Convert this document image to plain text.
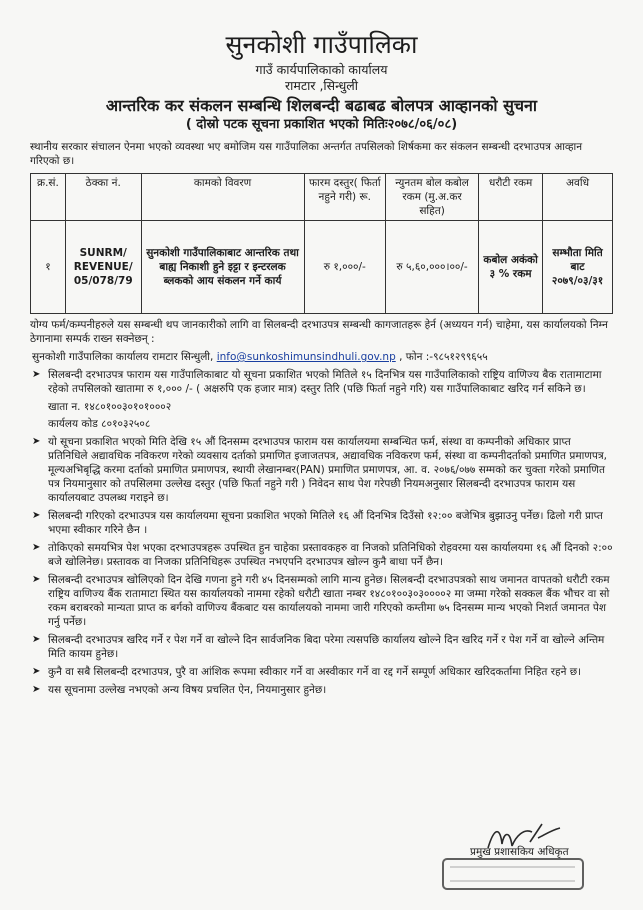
सुनकोशी गाउँपालिका
गाउँ कार्यपालिकाको कार्यालय
रामटार ,सिन्धुली
आन्तरिक कर संकलन सम्बन्धि शिलबन्दी बढाबढ बोलपत्र आव्हानको सुचना
( दोस्रो पटक सूचना प्रकाशित भएको मितिः२०७८/०६/०८)
स्थानीय सरकार संचालन ऐनमा भएको व्यवस्था भए बमोजिम यस गाउँपालिका अन्तर्गत तपसिलको शिर्षकमा कर संकलन सम्बन्धी दरभाउपत्र आव्हान गरिएको छ।
क्र.सं.	ठेक्का नं.	कामको विवरण	फारम दस्तुर( फिर्ता नहुने गरी) रू.	न्युनतम बोल कबोल रकम (मु.अ.कर सहित)	धरौटी रकम	अवधि
१	SUNRM/ REVENUE/ 05/078/79	सुनकोशी गाउँपालिकाबाट आन्तरिक तथा बाह्य निकाशी हुने इट्टा र इन्टरलक ब्लकको आय संकलन गर्ने कार्य	रु १,०००/-	रु ५,६०,०००।००/-	कबोल अकंको ३ % रकम	सम्भौता मिति बाट २०७९/०३/३१
योग्य फर्म/कम्पनीहरुले यस सम्बन्धी थप जानकारीको लागि वा सिलबन्दी दरभाउपत्र सम्बन्धी कागजातहरू हेर्न (अध्ययन गर्न) चाहेमा, यस कार्यालयको निम्न ठेगानामा सम्पर्क राख्न सक्नेछन् :
सुनकोशी गाउँपालिका कार्यालय रामटार सिन्धुली, info@sunkoshimunsindhuli.gov.np , फोन :-९८५१२९९६५५
➤ सिलबन्दी दरभाउपत्र फाराम यस गाउँपालिकाबाट यो सूचना प्रकाशित भएको मितिले १५ दिनभित्र यस गाउँपालिकाको राष्ट्रिय वाणिज्य बैक रातामाटामा रहेको तपसिलको खातामा रु १,००० /- ( अक्षरुपि एक हजार मात्र) दस्तुर तिरि (पछि फिर्ता नहुने गरि) यस गाउँपालिकाबाट खरिद गर्न सकिने छ।
खाता न. १४८०१००३०१०१०००२
कार्यलय कोड ८०१०३२५०८
➤ यो सूचना प्रकाशित भएको मिति देखि १५ औं दिनसम्म दरभाउपत्र फाराम यस कार्यालयमा सम्बन्धित फर्म, संस्था वा कम्पनीको अधिकार प्राप्त प्रतिनिधिले अद्यावधिक नविकरण गरेको व्यवसाय दर्ताको प्रमाणित इजाजतपत्र, अद्यावधिक नविकरण फर्म, संस्था वा कम्पनीदर्ताको प्रमाणित प्रमाणपत्र, मूल्यअभिबृद्धि करमा दर्ताको प्रमाणित प्रमाणपत्र, स्थायी लेखानम्बर(PAN) प्रमाणित प्रमाणपत्र, आ. व. २०७६/०७७ सम्मको कर चुक्ता गरेको प्रमाणित पत्र नियमानुसार को तपसिलमा उल्लेख दस्तुर (पछि फिर्ता नहुने गरी ) निवेदन साथ पेश गरेपछी नियमअनुसार सिलबन्दी दरभाउपत्र फाराम यस कार्यालयबाट उपलब्ध गराइने छ।
➤ सिलबन्दी गरिएको दरभाउपत्र यस कार्यालयमा सूचना प्रकाशित भएको मितिले १६ औं दिनभित्र दिउँसो १२:०० बजेभित्र बुझाउनु पर्नेछ। ढिलो गरी प्राप्त भएमा स्वीकार गरिने छैन ।
➤ तोकिएको समयभित्र पेश भएका दरभाउपत्रहरू उपस्थित हुन चाहेका प्रस्तावकहरु वा निजको प्रतिनिधिको रोहवरमा यस कार्यालयमा १६ औं दिनको २:०० बजे खोलिनेछ। प्रस्तावक वा निजका प्रतिनिधिहरू उपस्थित नभएपनि दरभाउपत्र खोल्न कुनै बाधा पर्ने छैन।
➤ सिलबन्दी दरभाउपत्र खोलिएको दिन देखि गणना हुने गरी ४५ दिनसम्मको लागि मान्य हुनेछ। सिलबन्दी दरभाउपत्रको साथ जमानत वापतको धरौटी रकम राष्ट्रिय वाणिज्य बैंक रातामाटा स्थित यस कार्यालयको नाममा रहेको धरौटी खाता नम्बर १४८०१००३०३००००२ मा जम्मा गरेको सक्कल बैंक भौचर वा सो रकम बराबरको मान्यता प्राप्त क बर्गको वाणिज्य बैंकबाट यस कार्यालयको नाममा जारी गरिएको कम्तीमा ७५ दिनसम्म मान्य भएको निशर्त जमानत पेश गर्नु पर्नेछ।
➤ सिलबन्दी दरभाउपत्र खरिद गर्ने र पेश गर्ने वा खोल्ने दिन सार्वजनिक बिदा परेमा त्यसपछि कार्यालय खोल्ने दिन खरिद गर्ने र पेश गर्ने वा खोल्ने अन्तिम मिति कायम हुनेछ।
➤ कुनै वा सबै सिलबन्दी दरभाउपत्र, पुरै वा आंशिक रूपमा स्वीकार गर्ने वा अस्वीकार गर्ने वा रद्द गर्ने सम्पूर्ण अधिकार खरिदकर्तामा निहित रहने छ।
➤ यस सूचनामा उल्लेख नभएको अन्य विषय प्रचलित ऐन, नियमानुसार हुनेछ।
प्रमुख प्रशासकिय अधिकृत
